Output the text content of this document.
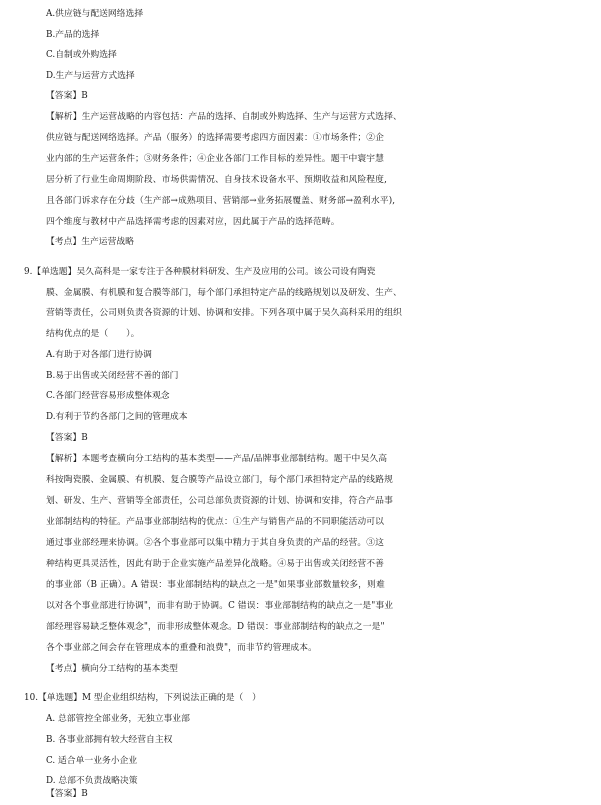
A.供应链与配送网络选择
B.产品的选择
C.自制或外购选择
D.生产与运营方式选择
【答案】B
【解析】生产运营战略的内容包括：产品的选择、自制或外购选择、生产与运营方式选择、
供应链与配送网络选择。产品（服务）的选择需要考虑四方面因素：①市场条件；②企
业内部的生产运营条件；③财务条件；④企业各部门工作目标的差异性。题干中寰宇慧
居分析了行业生命周期阶段、市场供需情况、自身技术设备水平、预期收益和风险程度,
且各部门诉求存在分歧（生产部→成熟项目、营销部→业务拓展覆盖、财务部→盈利水平),
四个维度与教材中产品选择需考虑的因素对应，因此属于产品的选择范畴。
【考点】生产运营战略
9.【单选题】吴久高科是一家专注于各种膜材料研发、生产及应用的公司。该公司设有陶瓷
膜、金属膜、有机膜和复合膜等部门，每个部门承担特定产品的线路规划以及研发、生产、
营销等责任，公司则负责各资源的计划、协调和安排。下列各项中属于吴久高科采用的组织
结构优点的是（　　）。
A.有助于对各部门进行协调
B.易于出售或关闭经营不善的部门
C.各部门经营容易形成整体观念
D.有利于节约各部门之间的管理成本
【答案】B
【解析】本题考查横向分工结构的基本类型——产品/品牌事业部制结构。题干中吴久高
科按陶瓷膜、金属膜、有机膜、复合膜等产品设立部门，每个部门承担特定产品的线路规
划、研发、生产、营销等全部责任，公司总部负责资源的计划、协调和安排，符合产品事
业部制结构的特征。产品事业部制结构的优点：①生产与销售产品的不同职能活动可以
通过事业部经理来协调。②各个事业部可以集中精力于其自身负责的产品的经营。③这
种结构更具灵活性，因此有助于企业实施产品差异化战略。④易于出售或关闭经营不善
的事业部（B 正确）。A 错误：事业部制结构的缺点之一是"如果事业部数量较多，则难
以对各个事业部进行协调"，而非有助于协调。C 错误：事业部制结构的缺点之一是"事业
部经理容易缺乏整体观念"，而非形成整体观念。D 错误：事业部制结构的缺点之一是"
各个事业部之间会存在管理成本的重叠和浪费"，而非节约管理成本。
【考点】横向分工结构的基本类型
10.【单选题】M 型企业组织结构，下列说法正确的是（　）
A. 总部管控全部业务，无独立事业部
B. 各事业部拥有较大经营自主权
C. 适合单一业务小企业
D. 总部不负责战略决策
【答案】B
